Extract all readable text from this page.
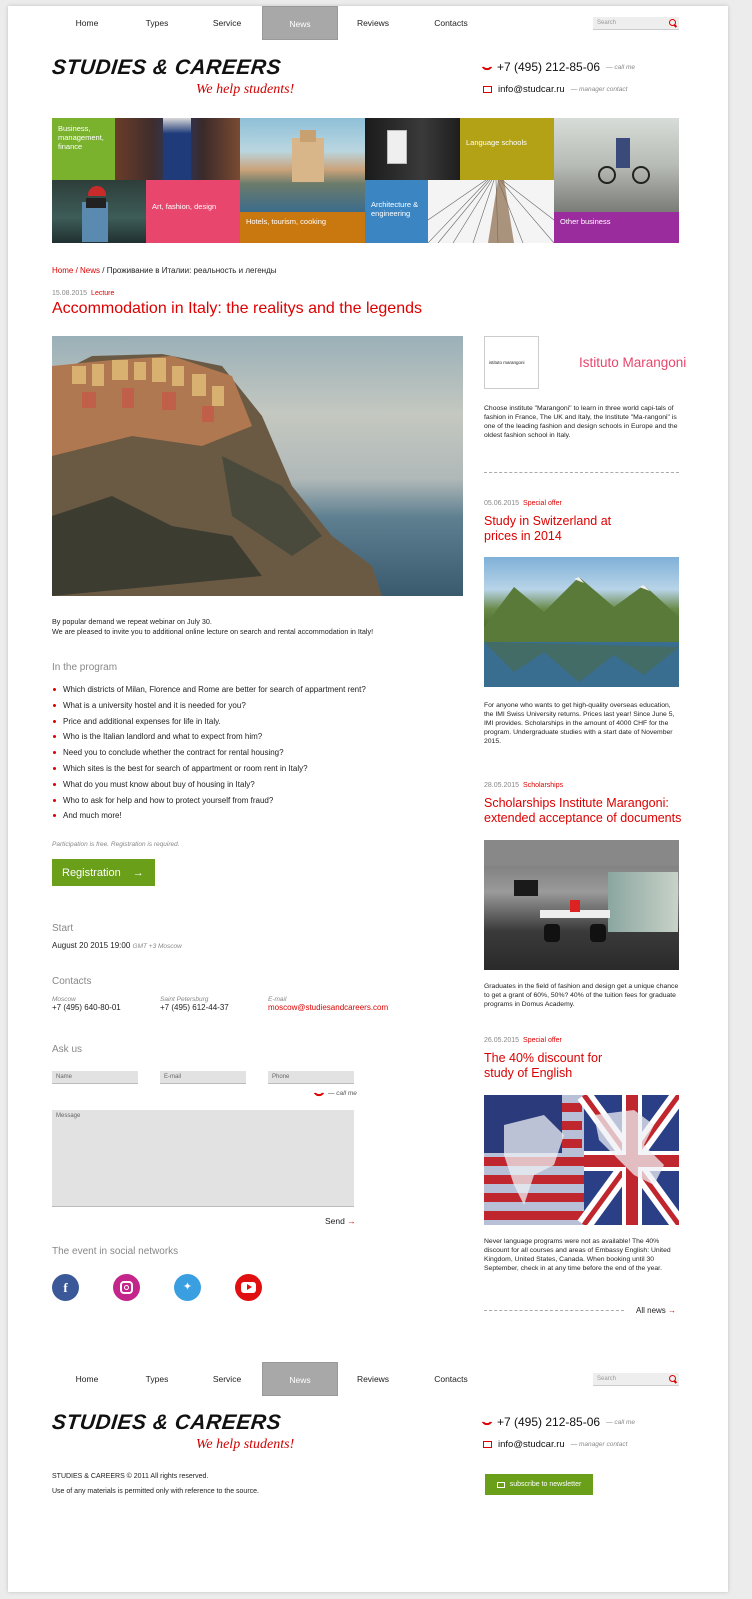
Home	Types	Service	News	Reviews	Contacts	Search
STUDIES & CAREERS
We help students!
+7 (495) 212-85-06 — call me
info@studcar.ru — manager contact
Business, management, finance	Language schools
Art, fashion, design
Hotels, tourism, cooking
Architecture & engineering
Other business
Home / News / Проживание в Италии: реальность и легенды
15.08.2015 Lecture
Accommodation in Italy: the realitys and the legends
By popular demand we repeat webinar on July 30.
We are pleased to invite you to additional online lecture on search and rental accommodation in Italy!
In the program
Which districts of Milan, Florence and Rome are better for search of appartment rent?
What is a university hostel and it is needed for you?
Price and additional expenses for life in Italy.
Who is the Italian landlord and what to expect from him?
Need you to conclude whether the contract for rental housing?
Which sites is the best for search of appartment or room rent in Italy?
What do you must know about buy of housing in Italy?
Who to ask for help and how to protect yourself from fraud?
And much more!
Participation is free. Registration is required.
Registration →
Start
August 20 2015 19:00 GMT +3 Moscow
Contacts
Moscow
+7 (495) 640-80-01
Saint Petersburg
+7 (495) 612-44-37
E-mail
moscow@studiesandcareers.com
Ask us
Name	E-mail	Phone
— call me
Message
Send →
The event in social networks
f	✦
istituto marangoni	Istituto Marangoni
Choose institute "Marangoni" to learn in three world capi-tals of fashion in France, The UK and Italy, the Institute "Ma-rangoni" is one of the leading fashion and design schools in Europe and the oldest fashion school in Italy.
05.06.2015 Special offer
Study in Switzerland at prices in 2014
For anyone who wants to get high-quality overseas education, the IMI Swiss University returns. Prices last year! Since June 5, IMI provides. Scholarships in the amount of 4000 CHF for the program. Undergraduate studies with a start date of November 2015.
28.05.2015 Scholarships
Scholarships Institute Marangoni: extended acceptance of documents
Graduates in the field of fashion and design get a unique chance to get a grant of 60%, 50%? 40% of the tuition fees for graduate programs in Domus Academy.
26.05.2015 Special offer
The 40% discount for study of English
Never language programs were not as available! The 40% discount for all courses and areas of Embassy English: United Kingdom, United States, Canada. When booking until 30 September, check in at any time before the end of the year.
All news →
Home	Types	Service	News	Reviews	Contacts	Search
STUDIES & CAREERS
We help students!
+7 (495) 212-85-06 — call me
info@studcar.ru — manager contact
STUDIES & CAREERS © 2011 All rights reserved.
Use of any materials is permitted only with reference to the source.
subscribe to newsletter
